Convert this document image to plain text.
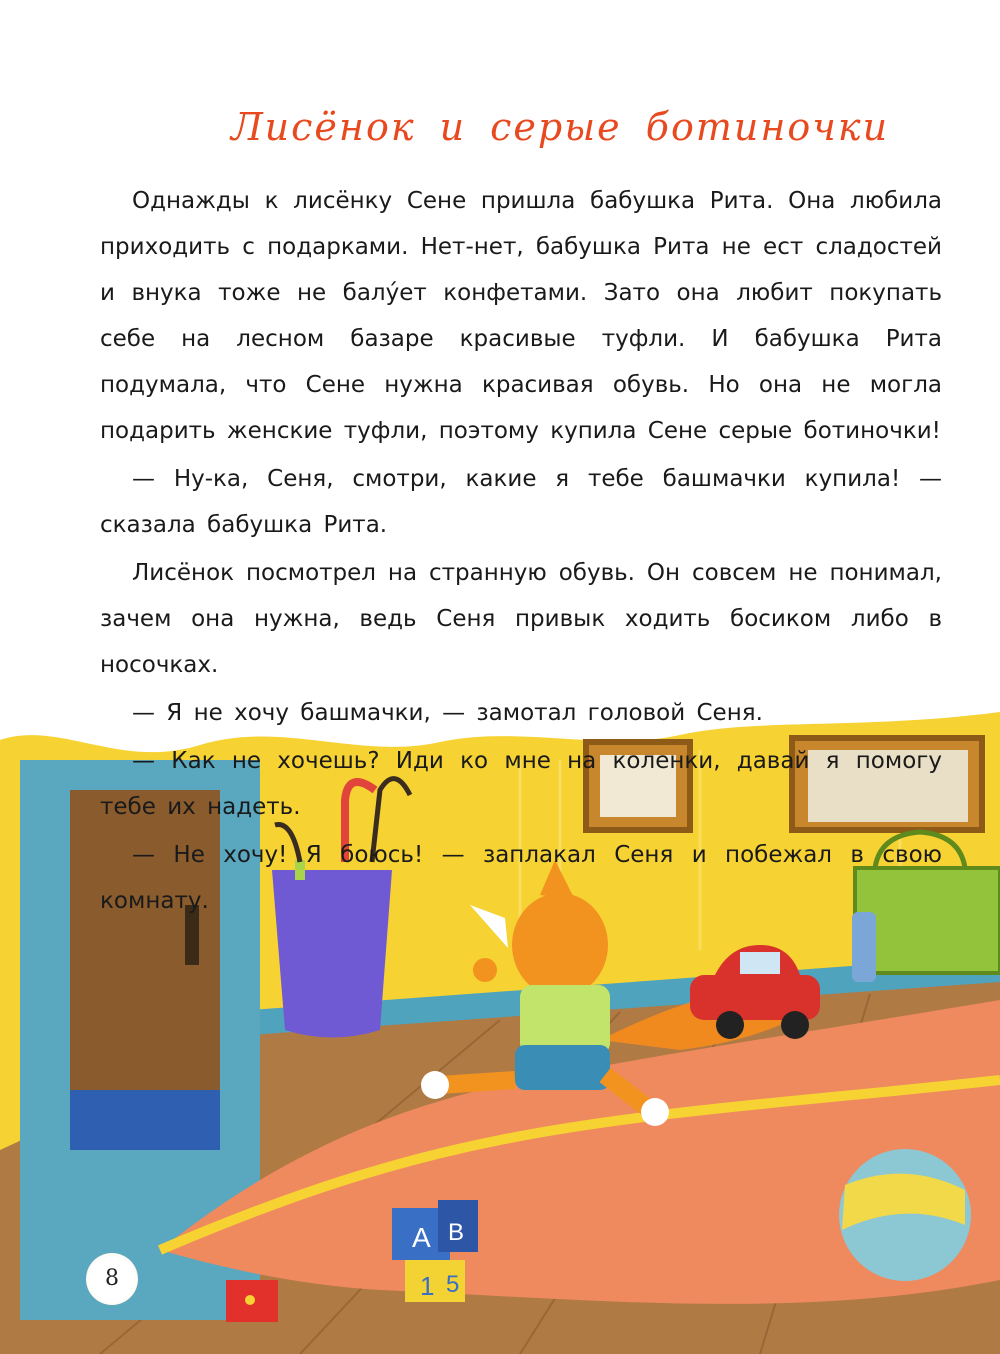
А В
1 5
Лисёнок и серые ботиночки

Однажды к лисёнку Сене пришла бабушка Рита. Она любила приходить с подарками. Нет-нет, бабушка Рита не ест сладостей и внука тоже не балу́ет конфетами. Зато она любит покупать себе на лесном базаре красивые туфли. И бабушка Рита подумала, что Сене нужна красивая обувь. Но она не могла подарить женские туфли, поэтому купила Сене серые ботиночки!

— Ну-ка, Сеня, смотри, какие я тебе башмачки купила! — сказала бабушка Рита.

Лисёнок посмотрел на странную обувь. Он совсем не понимал, зачем она нужна, ведь Сеня привык ходить босиком либо в носочках.

— Я не хочу башмачки, — замотал головой Сеня.

— Как не хочешь? Иди ко мне на коленки, давай я помогу тебе их надеть.

— Не хочу! Я боюсь! — заплакал Сеня и побежал в свою комнату.

8
